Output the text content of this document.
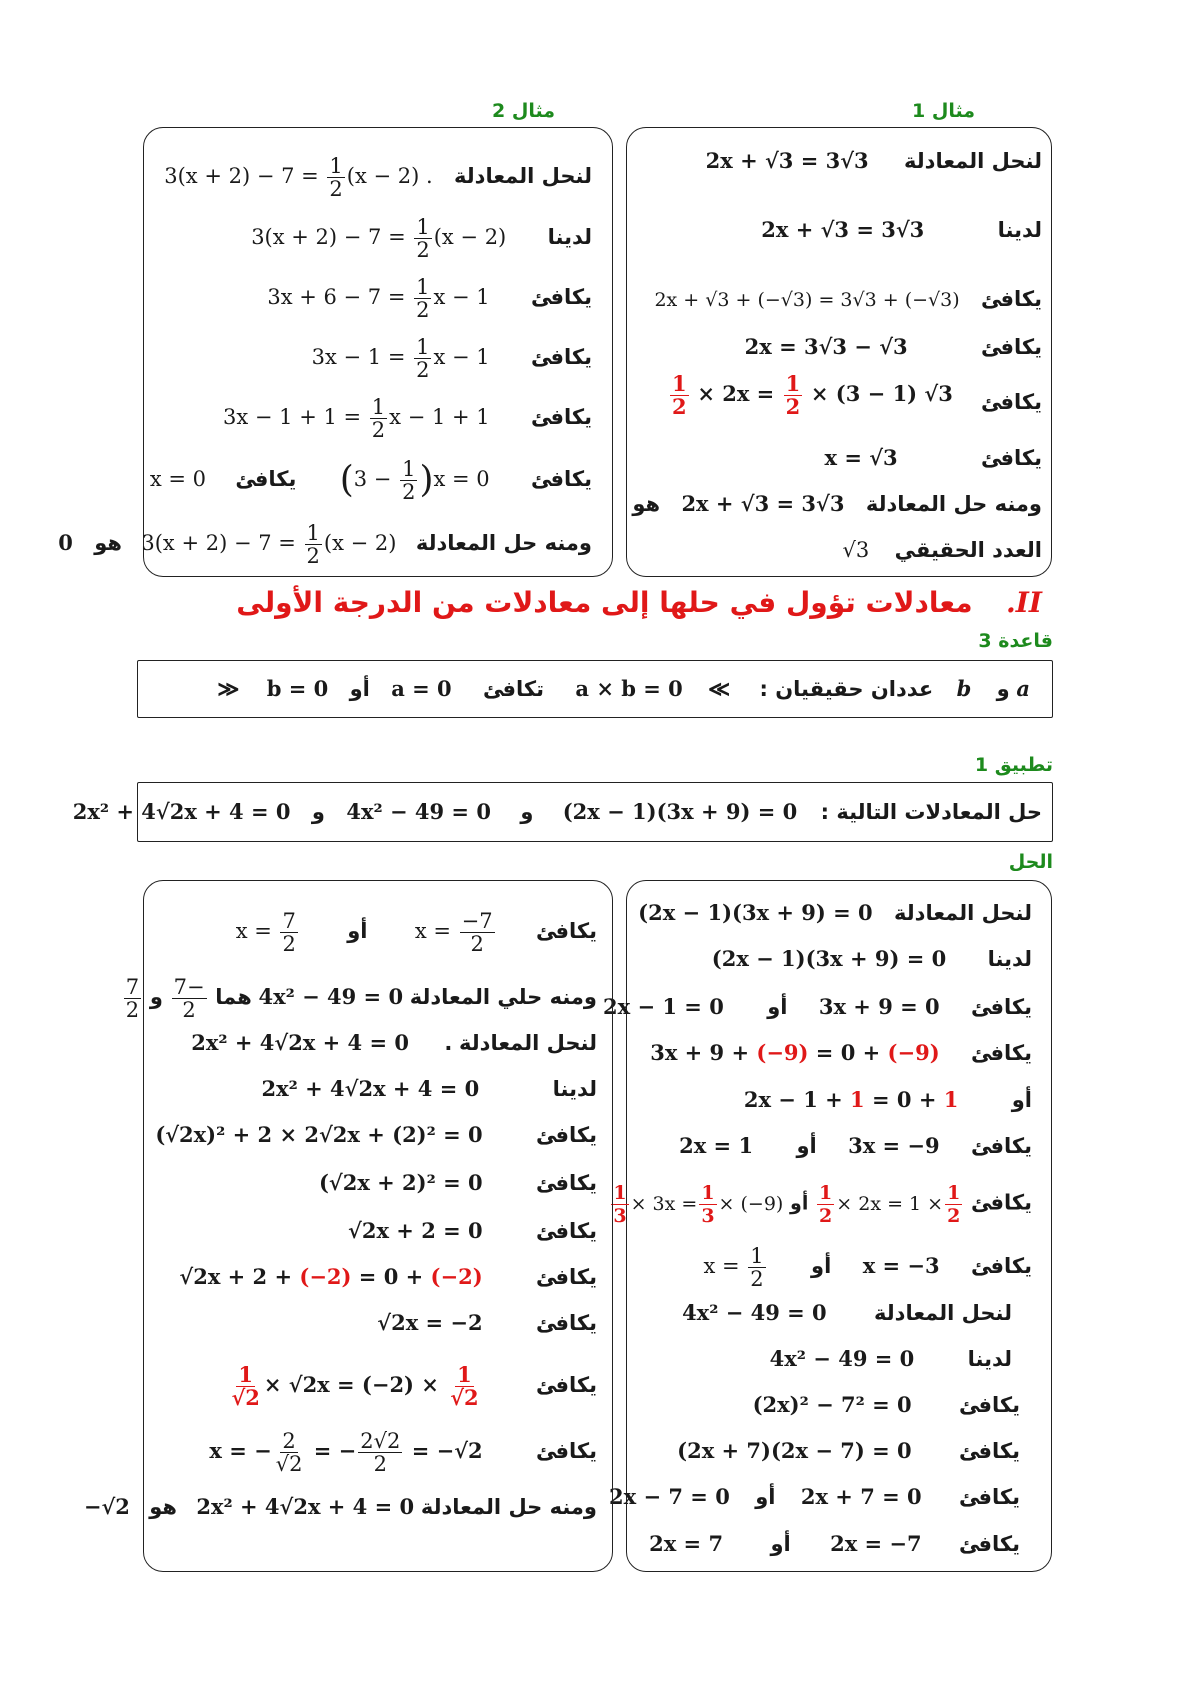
مثال 1
مثال 2
لنحل المعادلة  2x + √3 = 3√3
لدينا  2x + √3 = 3√3
يكافئ  2x + √3 + (−√3) = 3√3 + (−√3)
يكافئ  2x = 3√3 − √3
$\frac{1}{2} \times 2x = \frac{1}{2} \times (3 - 1)$ √3 يكافئ
يكافئ  x = √3
ومنه حل المعادلة  2x + √3 = 3√3  هو
العدد الحقيقي  √3
لنحل المعادلة  $3(x + 2) - 7 = \frac{1}{2} (x - 2)$ .
لدينا  $3(x + 2) - 7 = \frac{1}{2} (x - 2)$
يكافئ  $3x + 6 - 7 = \frac{1}{2}$ x − 1
يكافئ  $3x - 1 = \frac{1}{2}$ x − 1
يكافئ  $3x - 1 + 1 = \frac{1}{2}$ x − 1 + 1
يكافئ  $(3 - \frac{1}{2} )x = 0$  يكافئ  x = 0
ومنه حل المعادلة  $3(x + 2) - 7 = \frac{1}{2} (x - 2)$  هو  0
II.  معادلات تؤول في حلها إلى معادلات من الدرجة الأولى
قاعدة 3
a و  b  عددان حقيقيان :  ≫  a × b = 0  تكافئ  a = 0  أو  b = 0  ≪
تطبيق 1
حل المعادلات التالية :  (2x − 1)(3x + 9) = 0  و  4x² − 49 = 0  و  2x² + 4√2x + 4 = 0
الحل
لنحل المعادلة  (2x − 1)(3x + 9) = 0
لدينا  (2x − 1)(3x + 9) = 0
يكافئ  3x + 9 = 0  أو  2x − 1 = 0
يكافئ  3x + 9 + (−9) = 0 + (−9)
أو  2x − 1 + 1 = 0 + 1
يكافئ  3x = −9  أو  2x = 1
يكافئ
$\frac{1}{2} \times 2x = 1 \times \frac{1}{2}$
أو
$\frac{1}{3} \times 3x = \frac{1}{3} \times (-9)$
يكافئ  x = −3  أو  $x = \frac{1}{2}$
لنحل المعادلة  4x² − 49 = 0
لدينا  4x² − 49 = 0
يكافئ  (2x)² − 7² = 0
يكافئ  (2x + 7)(2x − 7) = 0
يكافئ  2x + 7 = 0  أو  2x − 7 = 0
يكافئ  2x = −7  أو  2x = 7
يكافئ  $x = \frac{-7}{2}$
أو  $x = \frac{7}{2}$
ومنه حلي المعادلة 4x² − 49 = 0 هما
$\frac{-7}{2}$
و
$\frac{7}{2}$
لنحل المعادلة .  2x² + 4√2x + 4 = 0
لدينا  2x² + 4√2x + 4 = 0
يكافئ  (√2x)² + 2 × 2√2x + (2)² = 0
يكافئ  (√2x + 2)² = 0
يكافئ  √2x + 2 = 0
يكافئ  √2x + 2 + (−2) = 0 + (−2)
يكافئ  √2x = −2
يكافئ
$\frac{1}{√2} \times √2x = (-2) \times \frac{1}{√2}$
يكافئ  x = − $\frac{2}{√2}$ = − $\frac{2√2}{2} = -√2$
ومنه حل المعادلة 2x² + 4√2x + 4 = 0  هو  −√2
